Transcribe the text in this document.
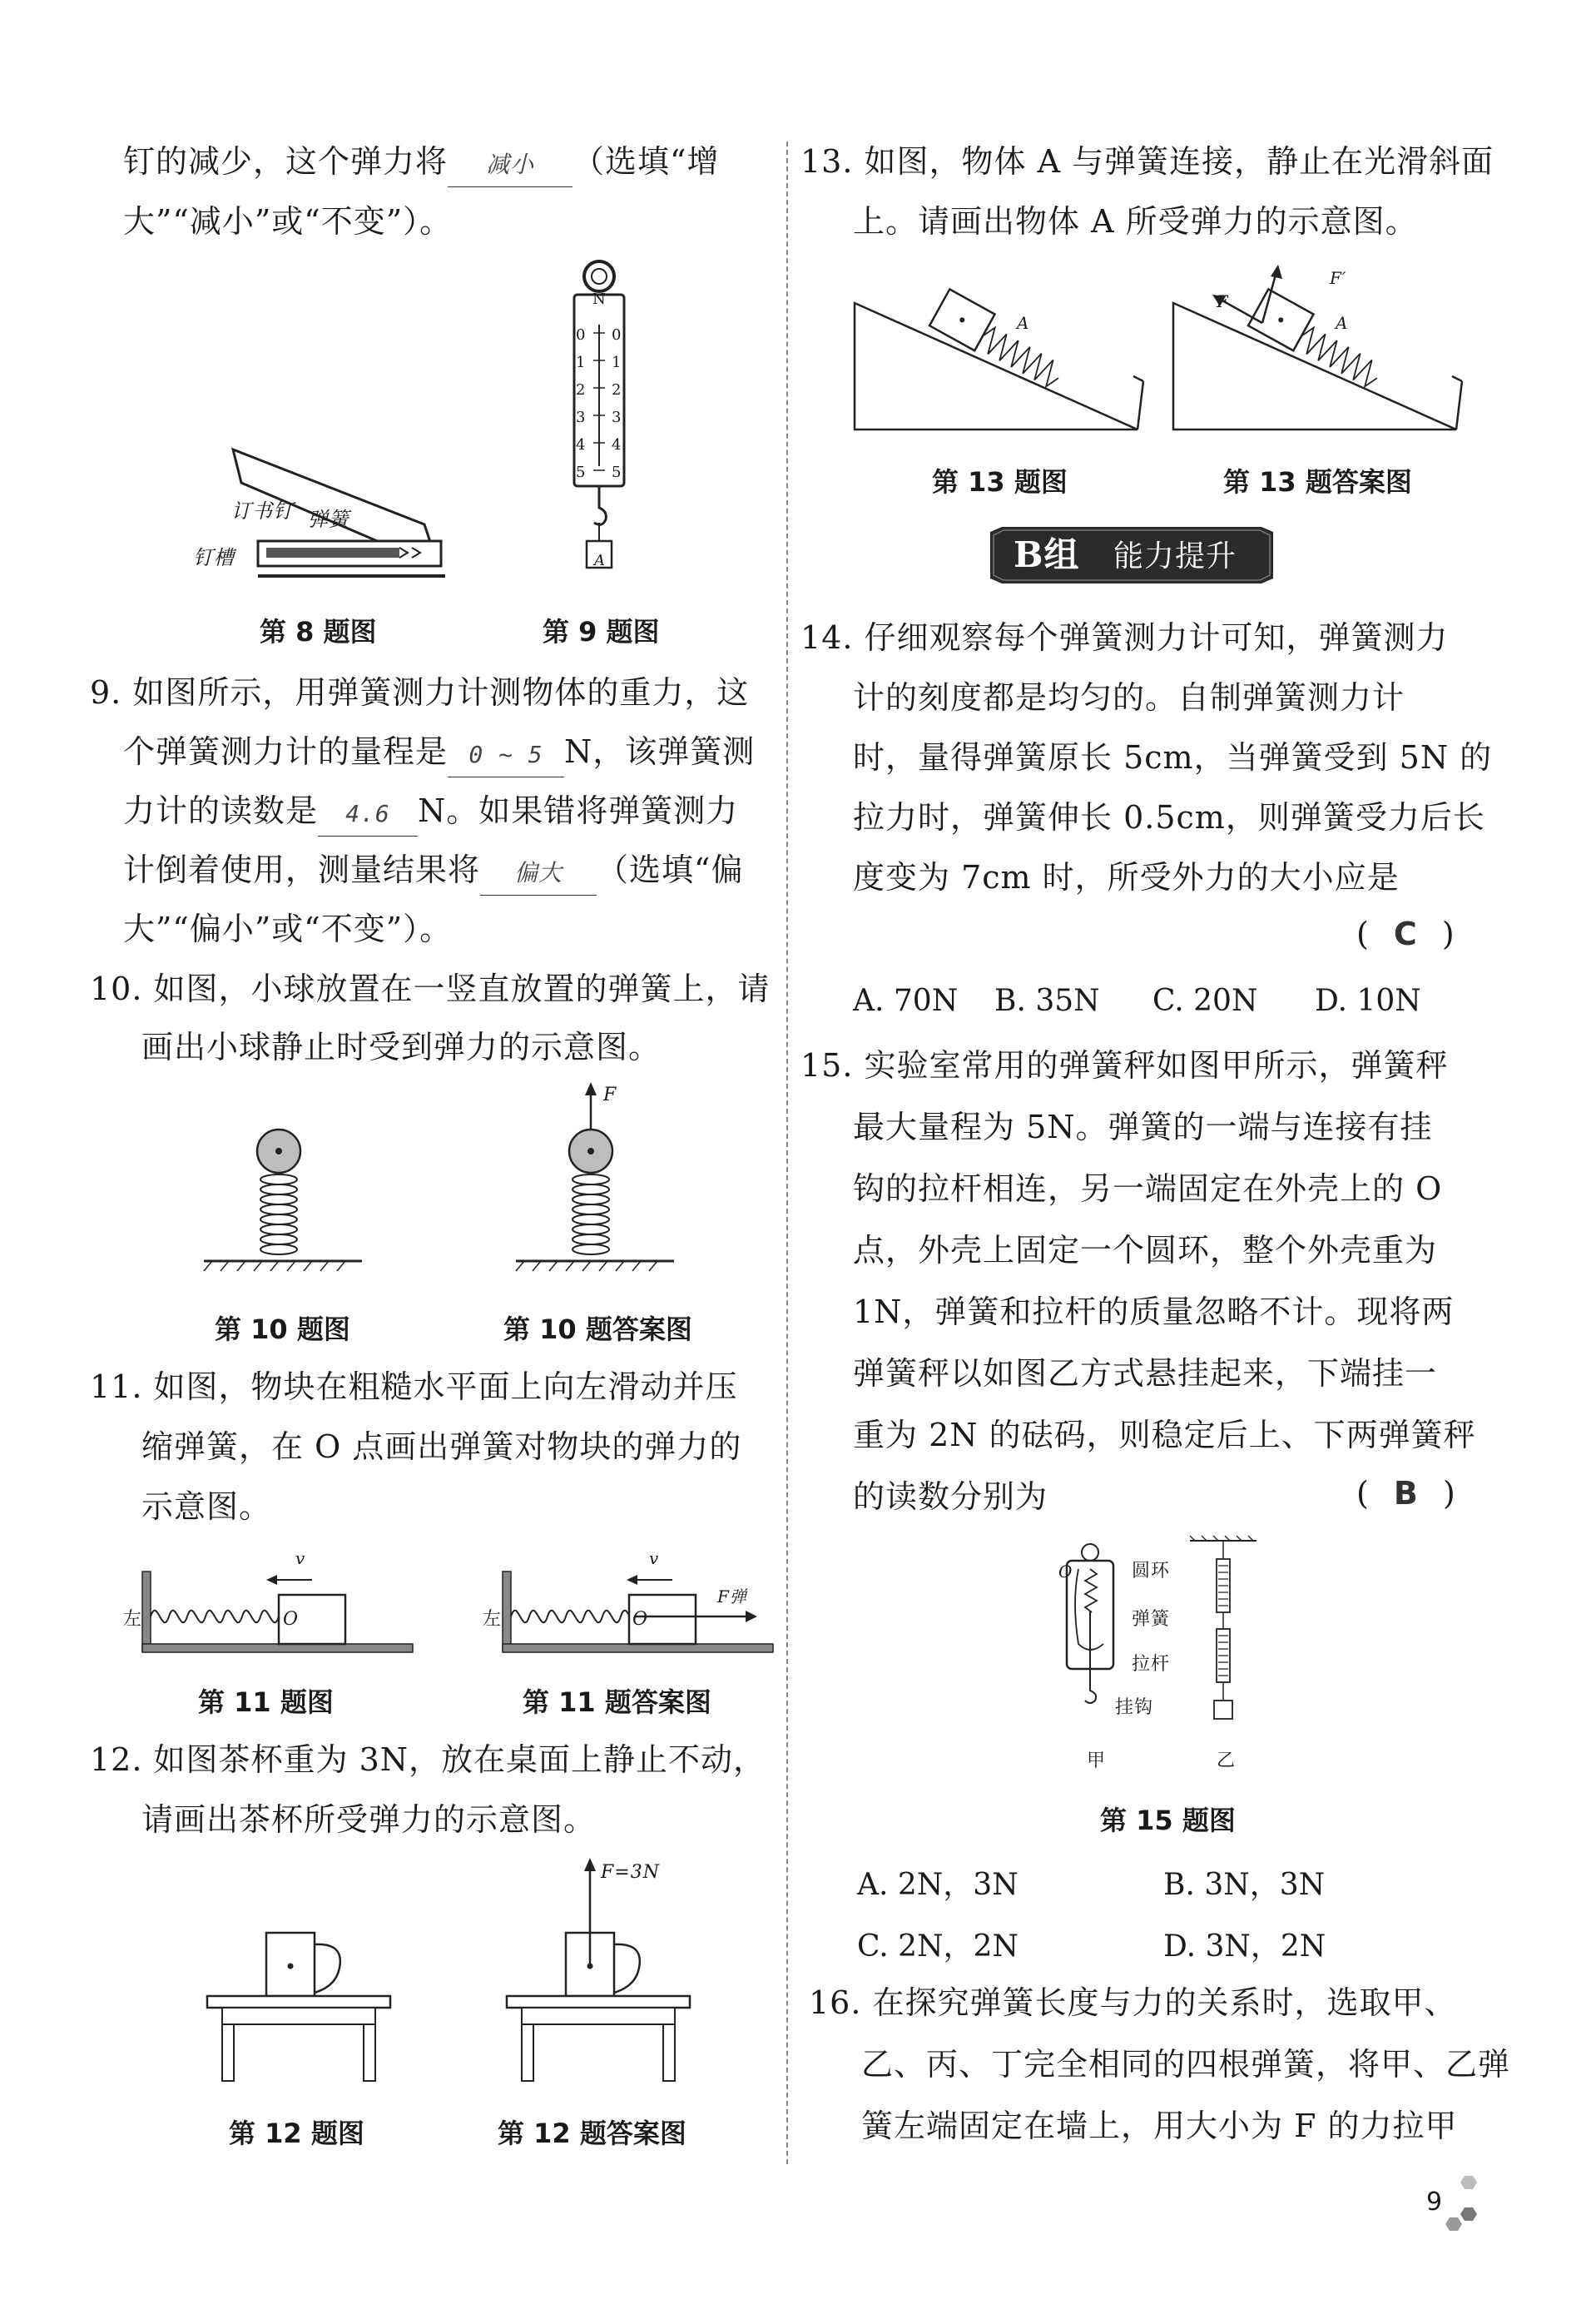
钉的减少，这个弹力将 减小 （选填“增
大”“减小”或“不变”）。
订书钉 弹簧
钉槽
N
0
1
2
3
4
5
0
1
2
3
4
5
A
第 8 题图	第 9 题图
9. 如图所示，用弹簧测力计测物体的重力，这
个弹簧测力计的量程是 0 ~ 5 N，该弹簧测
力计的读数是 4.6 N。如果错将弹簧测力
计倒着使用，测量结果将 偏大 （选填“偏
大”“偏小”或“不变”）。
10. 如图，小球放置在一竖直放置的弹簧上，请
画出小球静止时受到弹力的示意图。
F
第 10 题图	第 10 题答案图
11. 如图，物块在粗糙水平面上向左滑动并压
缩弹簧，在 O 点画出弹簧对物块的弹力的
示意图。
左
v
O	左
v
O
F弹
第 11 题图	第 11 题答案图
12. 如图茶杯重为 3N，放在桌面上静止不动，
请画出茶杯所受弹力的示意图。
F=3N
第 12 题图	第 12 题答案图
13. 如图，物体 A 与弹簧连接，静止在光滑斜面
上。请画出物体 A 所受弹力的示意图。
A	A
F
F′
第 13 题图	第 13 题答案图
B组 能力提升
14. 仔细观察每个弹簧测力计可知，弹簧测力
计的刻度都是均匀的。自制弹簧测力计
时，量得弹簧原长 5cm，当弹簧受到 5N 的
拉力时，弹簧伸长 0.5cm，则弹簧受力后长
度变为 7cm 时，所受外力的大小应是
( C )
A. 70N B. 35N C. 20N D. 10N
15. 实验室常用的弹簧秤如图甲所示，弹簧秤
最大量程为 5N。弹簧的一端与连接有挂
钩的拉杆相连，另一端固定在外壳上的 O
点，外壳上固定一个圆环，整个外壳重为
1N，弹簧和拉杆的质量忽略不计。现将两
弹簧秤以如图乙方式悬挂起来，下端挂一
重为 2N 的砝码，则稳定后上、下两弹簧秤
的读数分别为	( B )
O	圆环
弹簧
拉杆
挂钩
甲	乙
第 15 题图
A. 2N，3N	B. 3N，3N
C. 2N，2N	D. 3N，2N
16. 在探究弹簧长度与力的关系时，选取甲、
乙、丙、丁完全相同的四根弹簧，将甲、乙弹
簧左端固定在墙上，用大小为 F 的力拉甲
9
